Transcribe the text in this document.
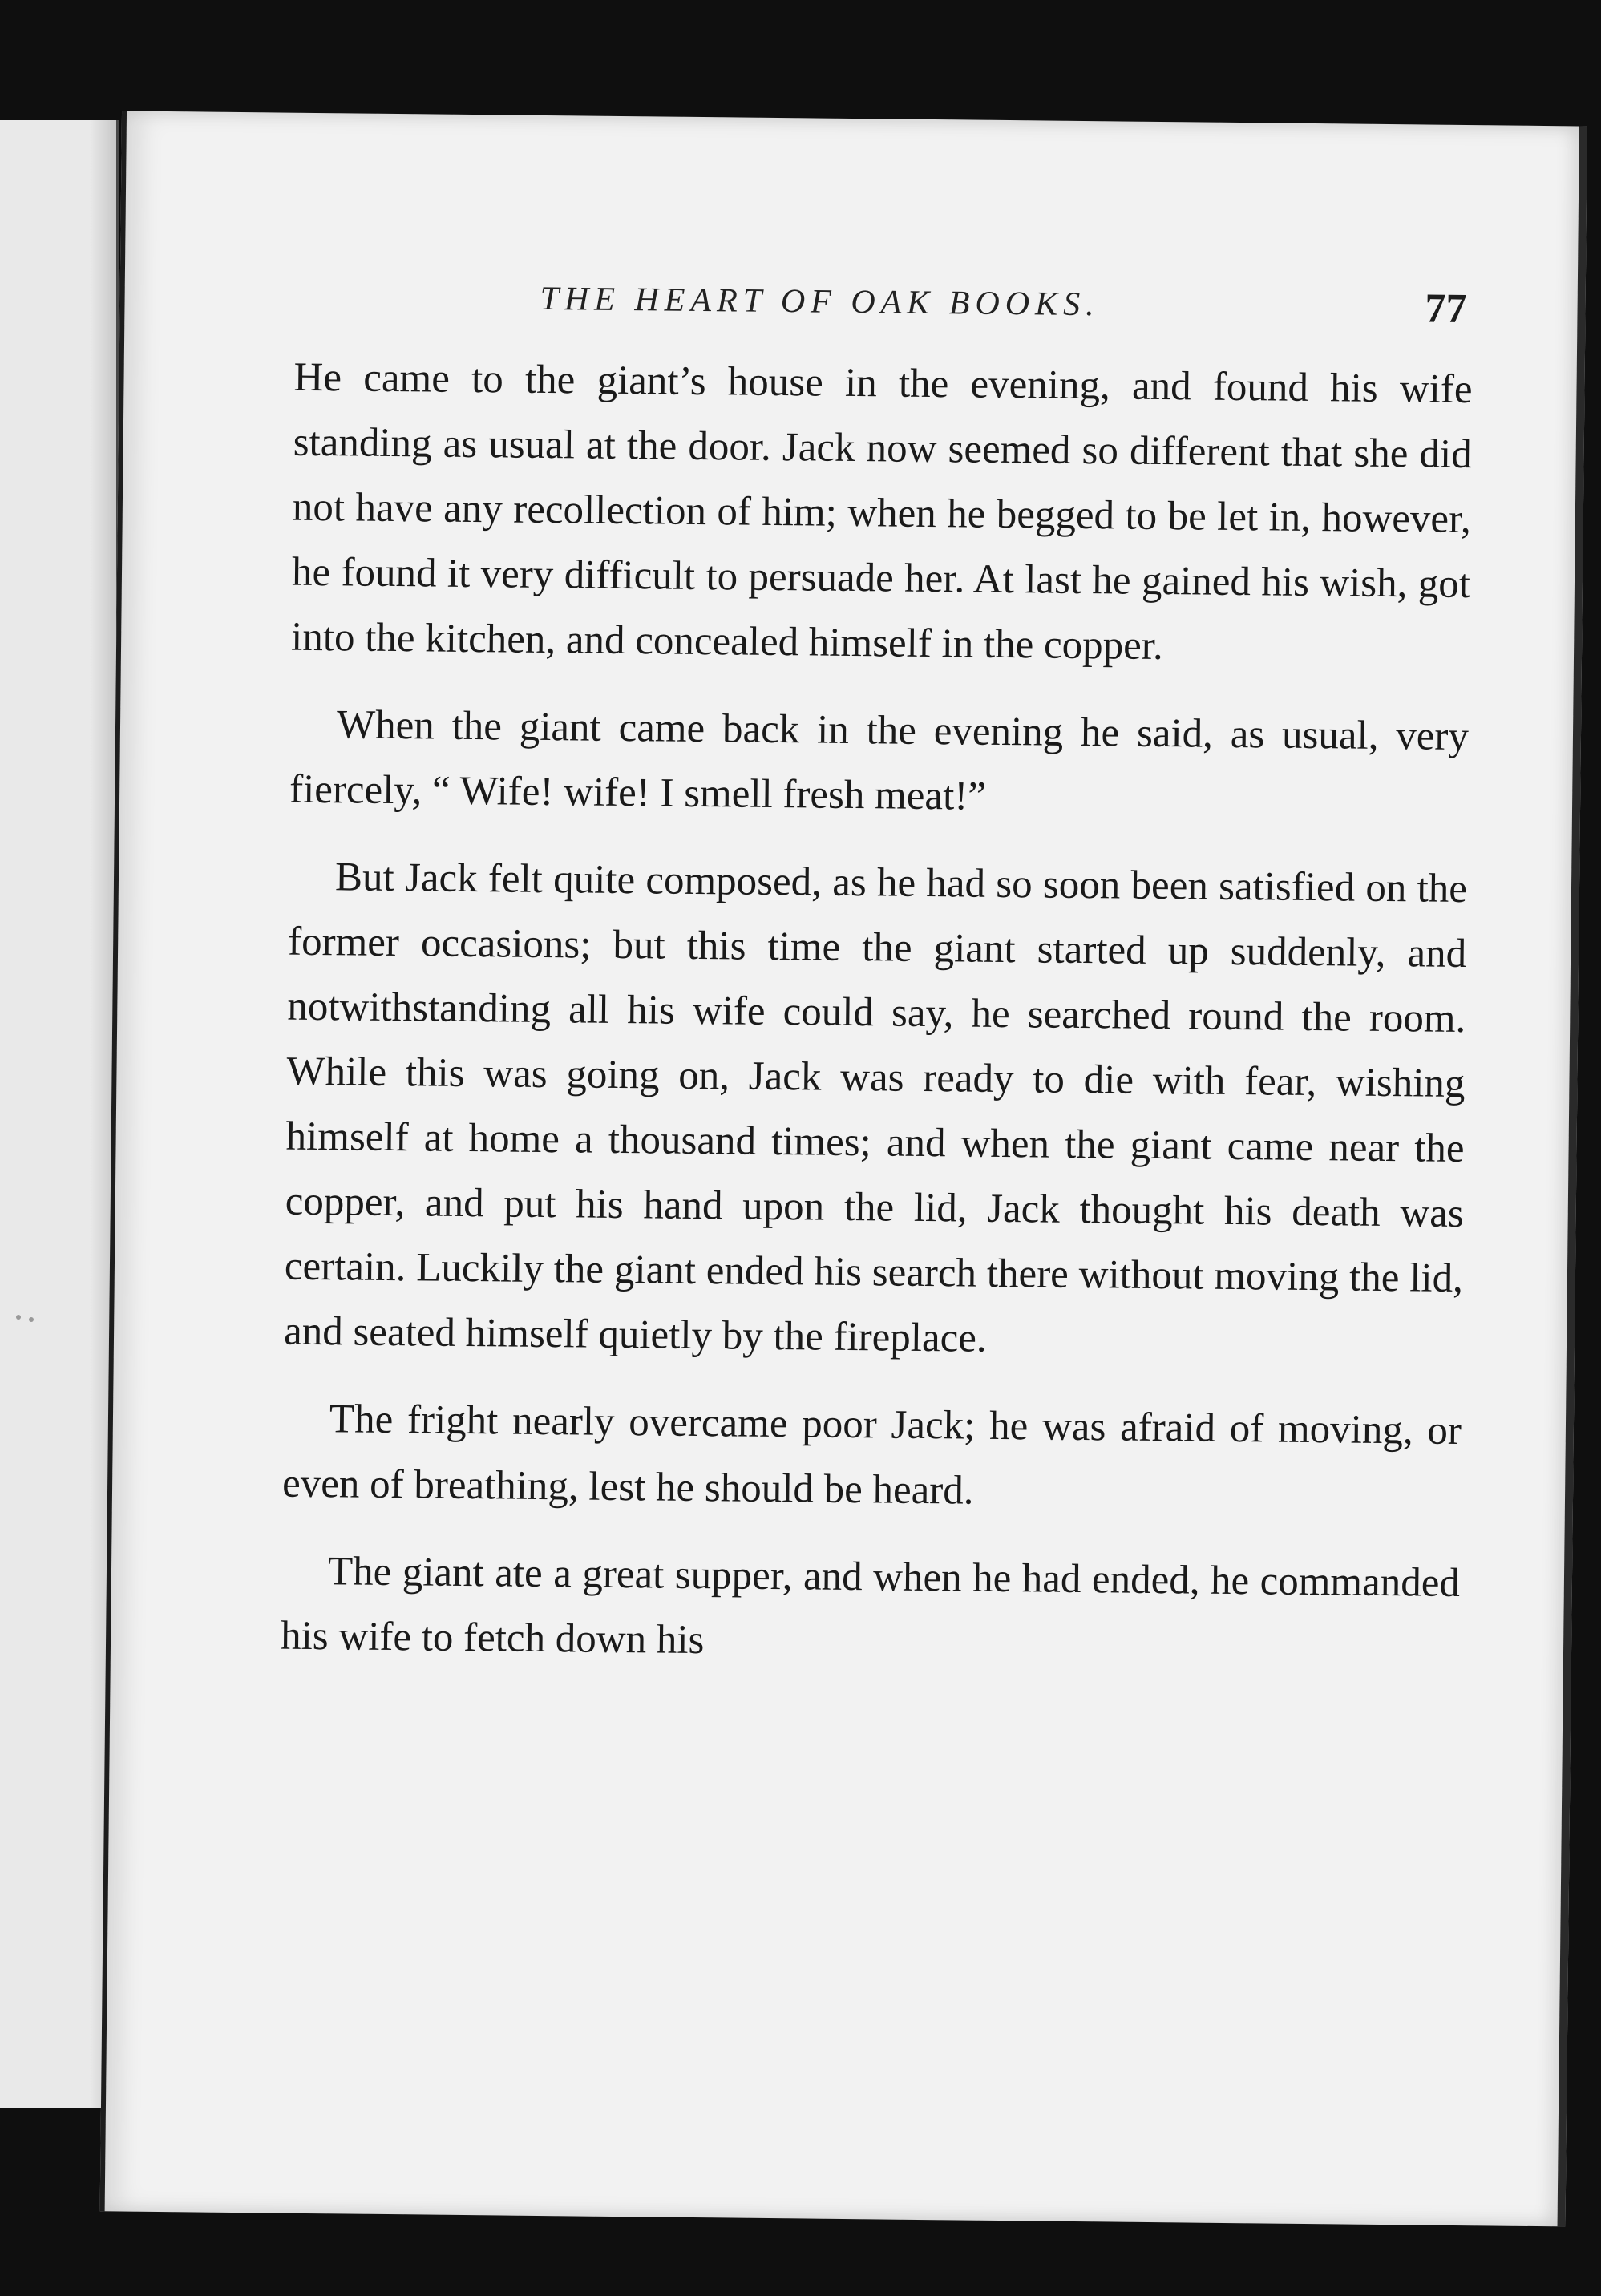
THE HEART OF OAK BOOKS.	77

He came to the giant’s house in the evening, and found his wife standing as usual at the door. Jack now seemed so different that she did not have any recollection of him; when he begged to be let in, however, he found it very difficult to persuade her. At last he gained his wish, got into the kitchen, and concealed himself in the copper.

When the giant came back in the evening he said, as usual, very fiercely, “ Wife! wife! I smell fresh meat!”

But Jack felt quite composed, as he had so soon been satisfied on the former occasions; but this time the giant started up suddenly, and notwithstanding all his wife could say, he searched round the room. While this was going on, Jack was ready to die with fear, wishing himself at home a thousand times; and when the giant came near the copper, and put his hand upon the lid, Jack thought his death was certain. Luckily the giant ended his search there without moving the lid, and seated himself quietly by the fireplace.

The fright nearly overcame poor Jack; he was afraid of moving, or even of breathing, lest he should be heard.

The giant ate a great supper, and when he had ended, he commanded his wife to fetch down his
